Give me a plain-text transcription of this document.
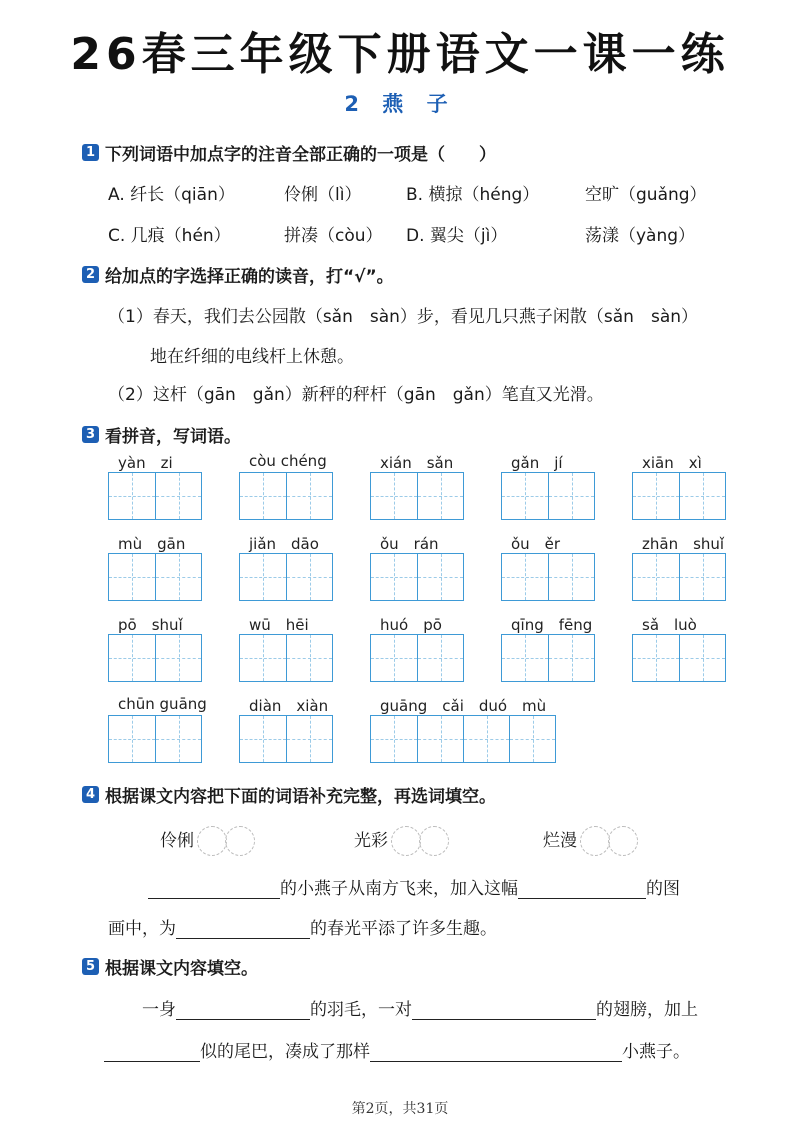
26春三年级下册语文一课一练
2 燕 子
1 下列词语中加点字的注音全部正确的一项是（　　）
A. 纤长（qiān）	伶俐（lì）	B. 横掠（héng）	空旷（guǎng）
C. 几痕（hén）	拼凑（còu） D. 翼尖（jì）	荡漾（yàng）
2 给加点的字选择正确的读音，打“√”。
（1）春天，我们去公园散（sǎn　sàn）步，看见几只燕子闲散（sǎn　sàn）
地在纤细的电线杆上休憩。
（2）这杆（gān　gǎn）新秤的秤杆（gān　gǎn）笔直又光滑。
3 看拼音，写词语。
yàn　zi	còu chéng	xián　sǎn	gǎn　jí	xiān　xì
mù　gān	jiǎn　dāo	ǒu　rán	ǒu　ěr	zhān　shuǐ
pō　shuǐ	wū　hēi	huó　pō	qīng　fēng	sǎ　luò
chūn guāng	diàn　xiàn	guāng　cǎi　duó　mù
4 根据课文内容把下面的词语补充完整，再选词填空。
伶俐	光彩	烂漫
的小燕子从南方飞来，加入这幅	的图
画中，为	的春光平添了许多生趣。
5 根据课文内容填空。
一身	的羽毛，一对	的翅膀，加上
似的尾巴，凑成了那样	小燕子。
第2页，共31页
